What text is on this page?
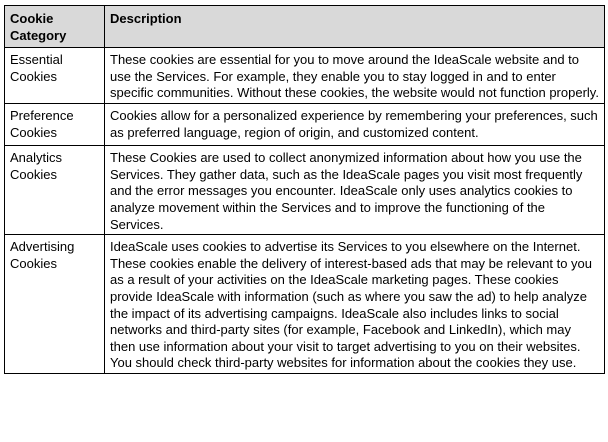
Cookie Category	Description

Essential Cookies	These cookies are essential for you to move around the IdeaScale website and to use the Services. For example, they enable you to stay logged in and to enter specific communities. Without these cookies, the website would not function properly.

Preference Cookies	Cookies allow for a personalized experience by remembering your preferences, such as preferred language, region of origin, and customized content.

Analytics Cookies	These Cookies are used to collect anonymized information about how you use the Services. They gather data, such as the IdeaScale pages you visit most frequently and the error messages you encounter. IdeaScale only uses analytics cookies to analyze movement within the Services and to improve the functioning of the Services.

Advertising Cookies	IdeaScale uses cookies to advertise its Services to you elsewhere on the Internet. These cookies enable the delivery of interest-based ads that may be relevant to you as a result of your activities on the IdeaScale marketing pages. These cookies provide IdeaScale with information (such as where you saw the ad) to help analyze the impact of its advertising campaigns. IdeaScale also includes links to social networks and third-party sites (for example, Facebook and LinkedIn), which may then use information about your visit to target advertising to you on their websites. You should check third-party websites for information about the cookies they use.
